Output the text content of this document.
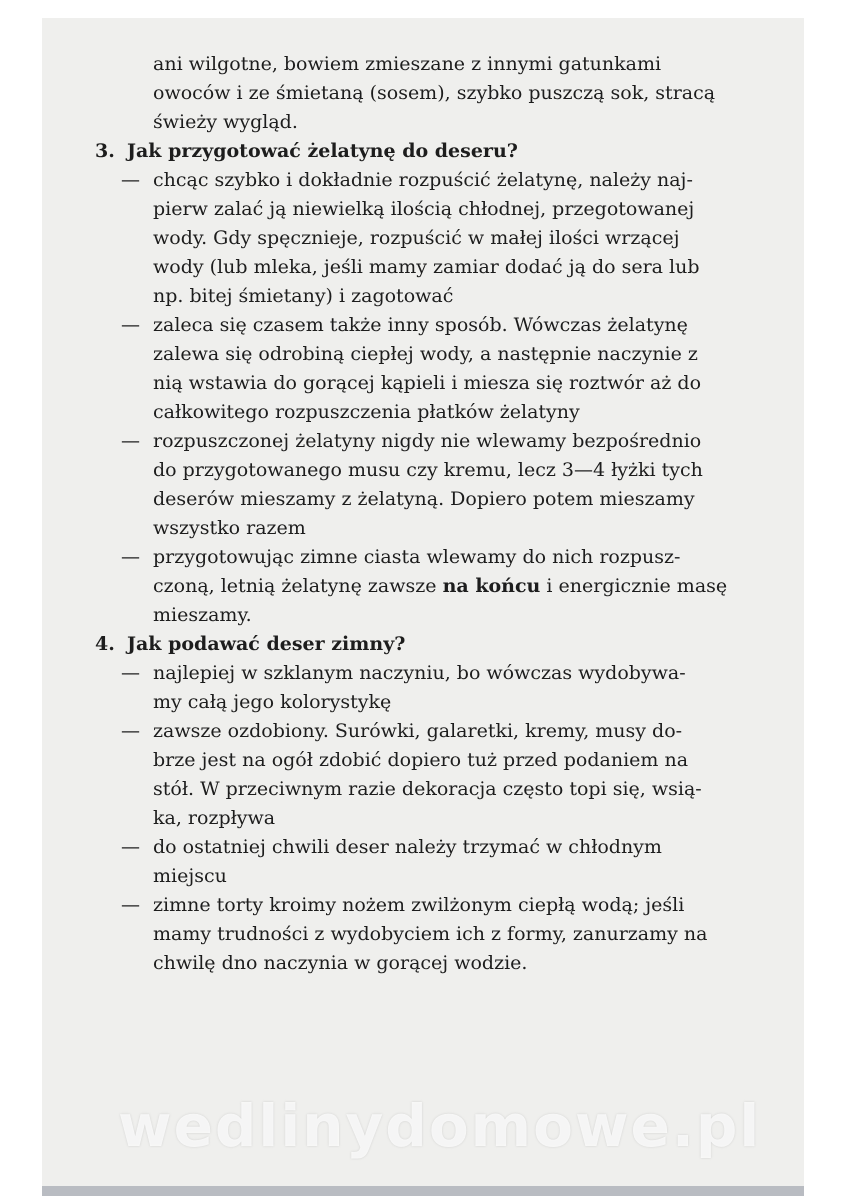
ani wilgotne, bowiem zmieszane z innymi gatunkami
owoców i ze śmietaną (sosem), szybko puszczą sok, stracą
świeży wygląd.
3. Jak przygotować żelatynę do deseru?
— chcąc szybko i dokładnie rozpuścić żelatynę, należy naj-
pierw zalać ją niewielką ilością chłodnej, przegotowanej
wody. Gdy spęcznieje, rozpuścić w małej ilości wrzącej
wody (lub mleka, jeśli mamy zamiar dodać ją do sera lub
np. bitej śmietany) i zagotować
— zaleca się czasem także inny sposób. Wówczas żelatynę
zalewa się odrobiną ciepłej wody, a następnie naczynie z
nią wstawia do gorącej kąpieli i miesza się roztwór aż do
całkowitego rozpuszczenia płatków żelatyny
— rozpuszczonej żelatyny nigdy nie wlewamy bezpośrednio
do przygotowanego musu czy kremu, lecz 3—4 łyżki tych
deserów mieszamy z żelatyną. Dopiero potem mieszamy
wszystko razem
— przygotowując zimne ciasta wlewamy do nich rozpusz-
czoną, letnią żelatynę zawsze na końcu i energicznie masę
mieszamy.
4. Jak podawać deser zimny?
— najlepiej w szklanym naczyniu, bo wówczas wydobywa-
my całą jego kolorystykę
— zawsze ozdobiony. Surówki, galaretki, kremy, musy do-
brze jest na ogół zdobić dopiero tuż przed podaniem na
stół. W przeciwnym razie dekoracja często topi się, wsią-
ka, rozpływa
— do ostatniej chwili deser należy trzymać w chłodnym
miejscu
— zimne torty kroimy nożem zwilżonym ciepłą wodą; jeśli
mamy trudności z wydobyciem ich z formy, zanurzamy na
chwilę dno naczynia w gorącej wodzie.
wedlinydomowe.pl
